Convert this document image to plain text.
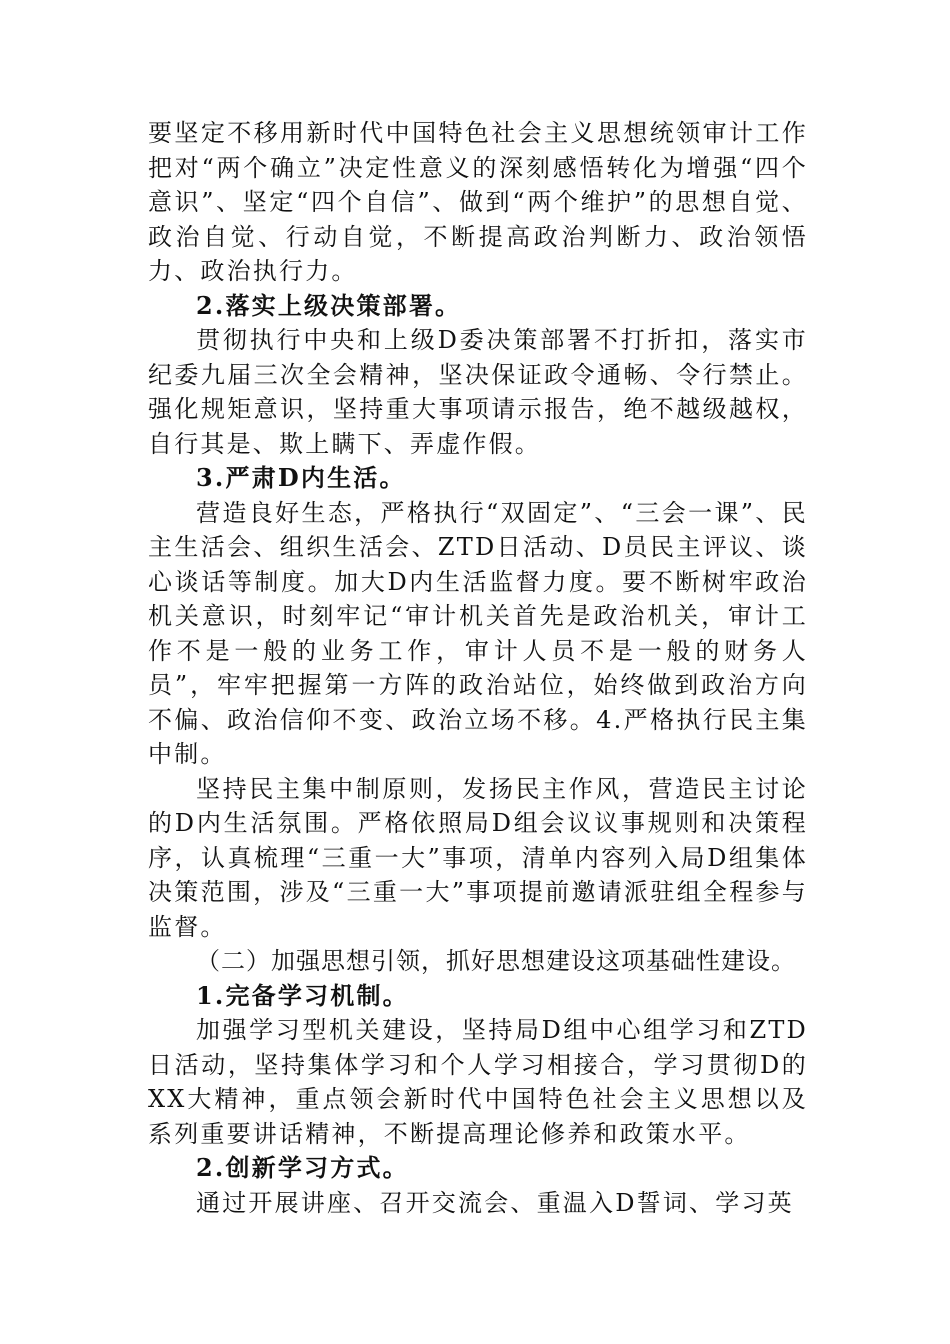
要坚定不移用新时代中国特色社会主义思想统领审计工作把对“两个确立”决定性意义的深刻感悟转化为增强“四个意识”、坚定“四个自信”、做到“两个维护”的思想自觉、政治自觉、行动自觉，不断提高政治判断力、政治领悟力、政治执行力。

2.落实上级决策部署。

贯彻执行中央和上级D委决策部署不打折扣，落实市纪委九届三次全会精神，坚决保证政令通畅、令行禁止。强化规矩意识，坚持重大事项请示报告，绝不越级越权，自行其是、欺上瞒下、弄虚作假。

3.严肃D内生活。

营造良好生态，严格执行“双固定”、“三会一课”、民主生活会、组织生活会、ZTD日活动、D员民主评议、谈心谈话等制度。加大D内生活监督力度。要不断树牢政治机关意识，时刻牢记“审计机关首先是政治机关，审计工作不是一般的业务工作，审计人员不是一般的财务人员”，牢牢把握第一方阵的政治站位，始终做到政治方向不偏、政治信仰不变、政治立场不移。4.严格执行民主集中制。

坚持民主集中制原则，发扬民主作风，营造民主讨论的D内生活氛围。严格依照局D组会议议事规则和决策程序，认真梳理“三重一大”事项，清单内容列入局D组集体决策范围，涉及“三重一大”事项提前邀请派驻组全程参与监督。

（二）加强思想引领，抓好思想建设这项基础性建设。

1.完备学习机制。

加强学习型机关建设，坚持局D组中心组学习和ZTD日活动，坚持集体学习和个人学习相接合，学习贯彻D的XX大精神，重点领会新时代中国特色社会主义思想以及系列重要讲话精神，不断提高理论修养和政策水平。

2.创新学习方式。

通过开展讲座、召开交流会、重温入D誓词、学习英
